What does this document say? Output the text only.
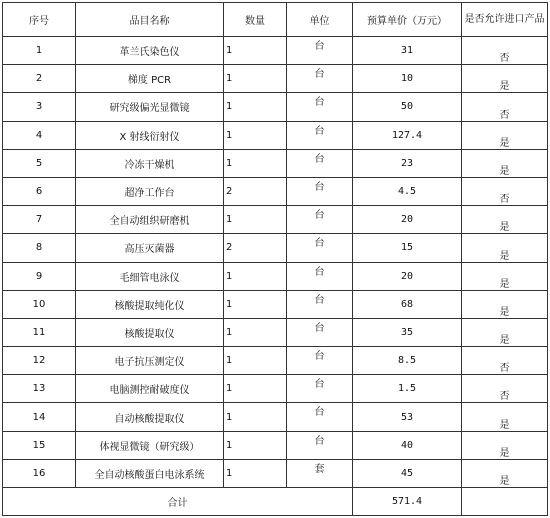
序号	品目名称	数量	单位	预算单价（万元）	是否允许进口产品
1	革兰氏染色仪	1	台	31	否
2	梯度 PCR	1	台	10	是
3	研究级偏光显微镜	1	台	50	否
4	X 射线衍射仪	1	台	127.4	是
5	冷冻干燥机	1	台	23	是
6	超净工作台	2	台	4.5	否
7	全自动组织研磨机	1	台	20	是
8	高压灭菌器	2	台	15	是
9	毛细管电泳仪	1	台	20	是
10	核酸提取纯化仪	1	台	68	是
11	核酸提取仪	1	台	35	是
12	电子抗压测定仪	1	台	8.5	否
13	电脑测控耐破度仪	1	台	1.5	否
14	自动核酸提取仪	1	台	53	是
15	体视显微镜（研究级）	1	台	40	是
16	全自动核酸蛋白电泳系统	1	套	45	是
合计				571.4	
